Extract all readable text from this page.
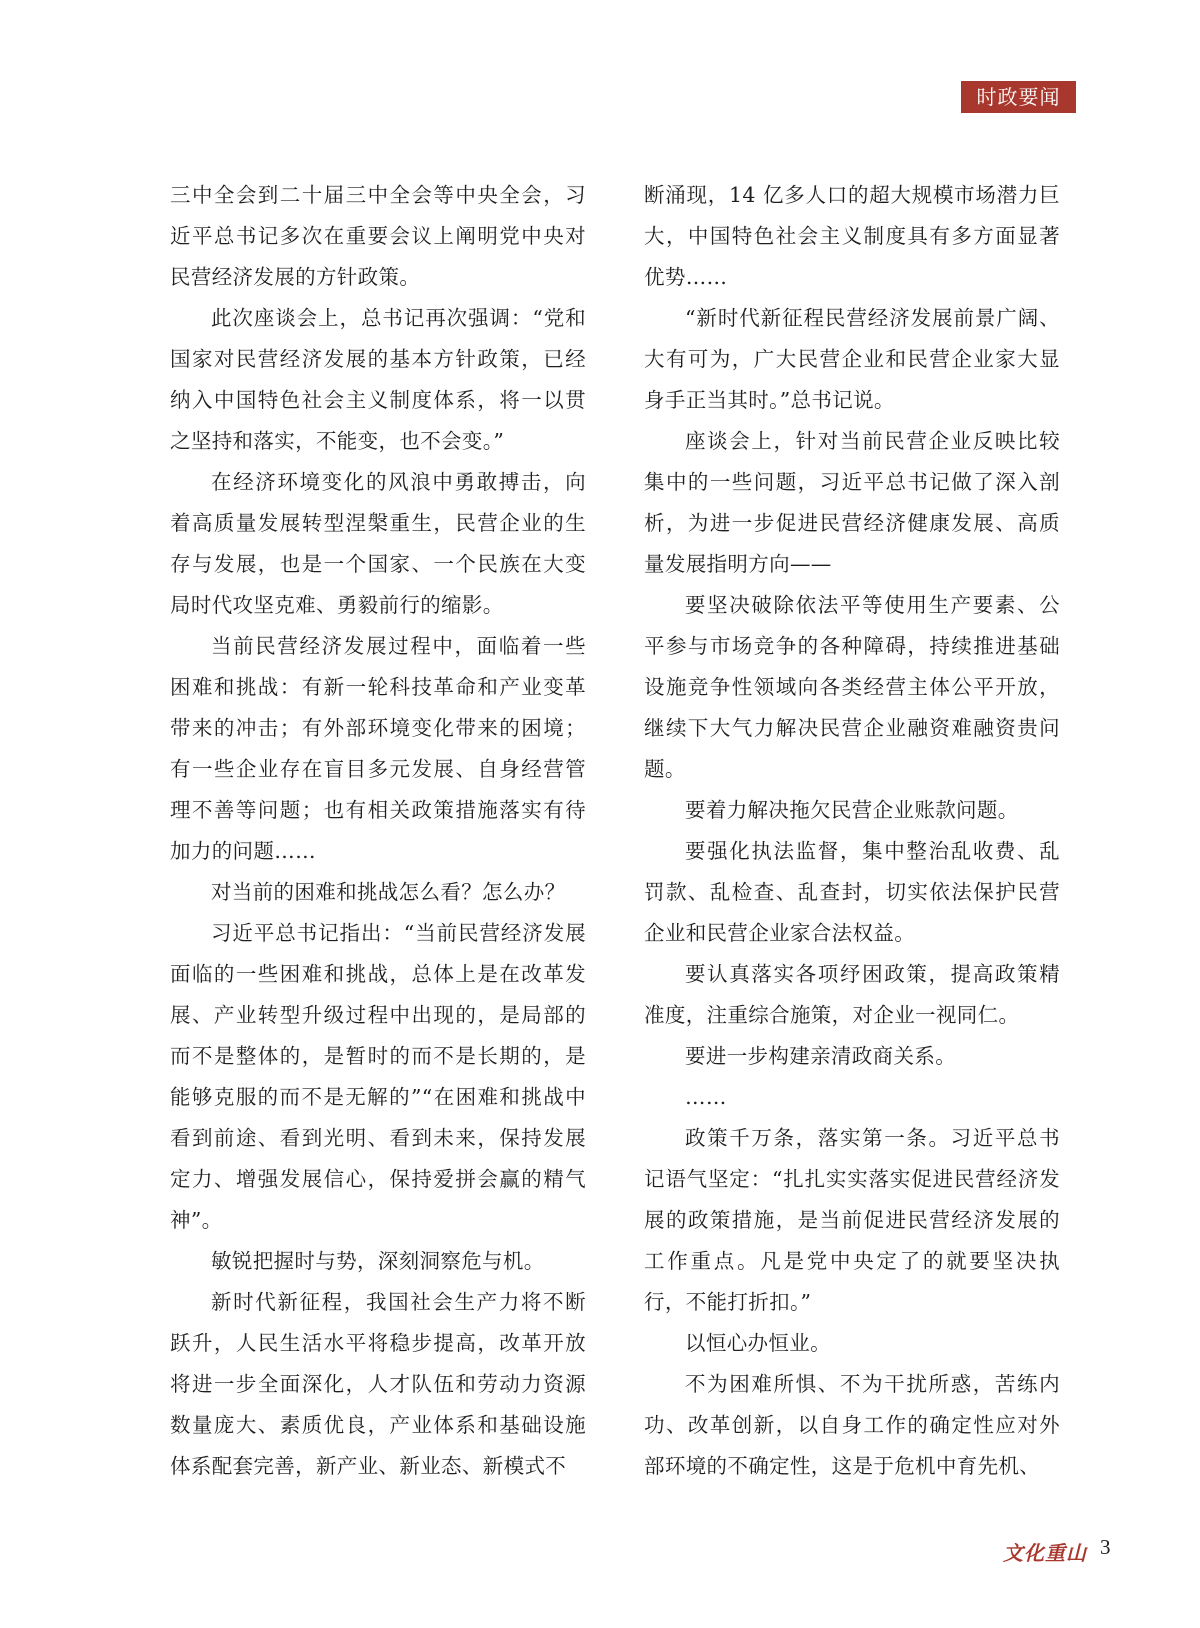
时政要闻

三中全会到二十届三中全会等中央全会，习近平总书记多次在重要会议上阐明党中央对民营经济发展的方针政策。

此次座谈会上，总书记再次强调：“党和国家对民营经济发展的基本方针政策，已经纳入中国特色社会主义制度体系，将一以贯之坚持和落实，不能变，也不会变。”

在经济环境变化的风浪中勇敢搏击，向着高质量发展转型涅槃重生，民营企业的生存与发展，也是一个国家、一个民族在大变局时代攻坚克难、勇毅前行的缩影。

当前民营经济发展过程中，面临着一些困难和挑战：有新一轮科技革命和产业变革带来的冲击；有外部环境变化带来的困境；有一些企业存在盲目多元发展、自身经营管理不善等问题；也有相关政策措施落实有待加力的问题……

对当前的困难和挑战怎么看？怎么办？

习近平总书记指出：“当前民营经济发展面临的一些困难和挑战，总体上是在改革发展、产业转型升级过程中出现的，是局部的而不是整体的，是暂时的而不是长期的，是能够克服的而不是无解的”“在困难和挑战中看到前途、看到光明、看到未来，保持发展定力、增强发展信心，保持爱拼会赢的精气神”。

敏锐把握时与势，深刻洞察危与机。

新时代新征程，我国社会生产力将不断跃升，人民生活水平将稳步提高，改革开放将进一步全面深化，人才队伍和劳动力资源数量庞大、素质优良，产业体系和基础设施体系配套完善，新产业、新业态、新模式不

断涌现，14 亿多人口的超大规模市场潜力巨大，中国特色社会主义制度具有多方面显著优势……

“新时代新征程民营经济发展前景广阔、大有可为，广大民营企业和民营企业家大显身手正当其时。”总书记说。

座谈会上，针对当前民营企业反映比较集中的一些问题，习近平总书记做了深入剖析，为进一步促进民营经济健康发展、高质量发展指明方向——

要坚决破除依法平等使用生产要素、公平参与市场竞争的各种障碍，持续推进基础设施竞争性领域向各类经营主体公平开放，继续下大气力解决民营企业融资难融资贵问题。

要着力解决拖欠民营企业账款问题。

要强化执法监督，集中整治乱收费、乱罚款、乱检查、乱查封，切实依法保护民营企业和民营企业家合法权益。

要认真落实各项纾困政策，提高政策精准度，注重综合施策，对企业一视同仁。

要进一步构建亲清政商关系。

……

政策千万条，落实第一条。习近平总书记语气坚定：“扎扎实实落实促进民营经济发展的政策措施，是当前促进民营经济发展的工作重点。凡是党中央定了的就要坚决执行，不能打折扣。”

以恒心办恒业。

不为困难所惧、不为干扰所惑，苦练内功、改革创新，以自身工作的确定性应对外部环境的不确定性，这是于危机中育先机、

文化重山 3
